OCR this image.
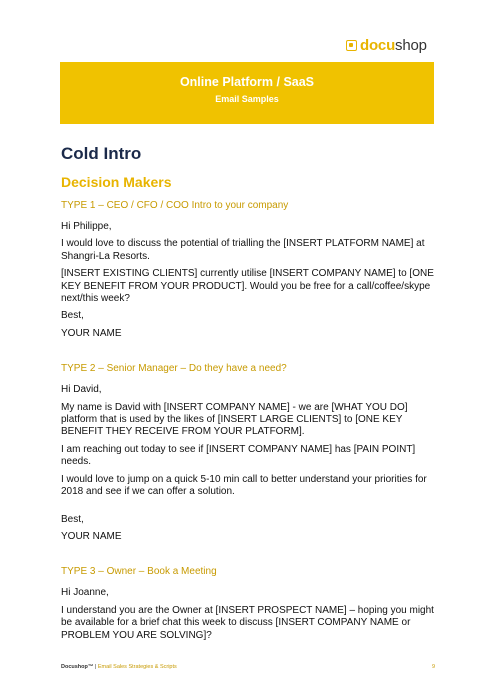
docushop
Online Platform / SaaS
Email Samples
Cold Intro
Decision Makers
TYPE 1 – CEO / CFO / COO Intro to your company

Hi Philippe,

I would love to discuss the potential of trialling the [INSERT PLATFORM NAME] at Shangri-La Resorts.

[INSERT EXISTING CLIENTS] currently utilise [INSERT COMPANY NAME] to [ONE KEY BENEFIT FROM YOUR PRODUCT]. Would you be free for a call/coffee/skype next/this week?

Best,

YOUR NAME

TYPE 2 – Senior Manager – Do they have a need?

Hi David,

My name is David with [INSERT COMPANY NAME] - we are [WHAT YOU DO] platform that is used by the likes of [INSERT LARGE CLIENTS] to [ONE KEY BENEFIT THEY RECEIVE FROM YOUR PLATFORM].

I am reaching out today to see if [INSERT COMPANY NAME] has [PAIN POINT] needs.

I would love to jump on a quick 5-10 min call to better understand your priorities for 2018 and see if we can offer a solution.

Best,

YOUR NAME

TYPE 3 – Owner – Book a Meeting

Hi Joanne,

I understand you are the Owner at [INSERT PROSPECT NAME] – hoping you might be available for a brief chat this week to discuss [INSERT COMPANY NAME or PROBLEM YOU ARE SOLVING]?

Docushop™ | Email Sales Strategies & Scripts	9
